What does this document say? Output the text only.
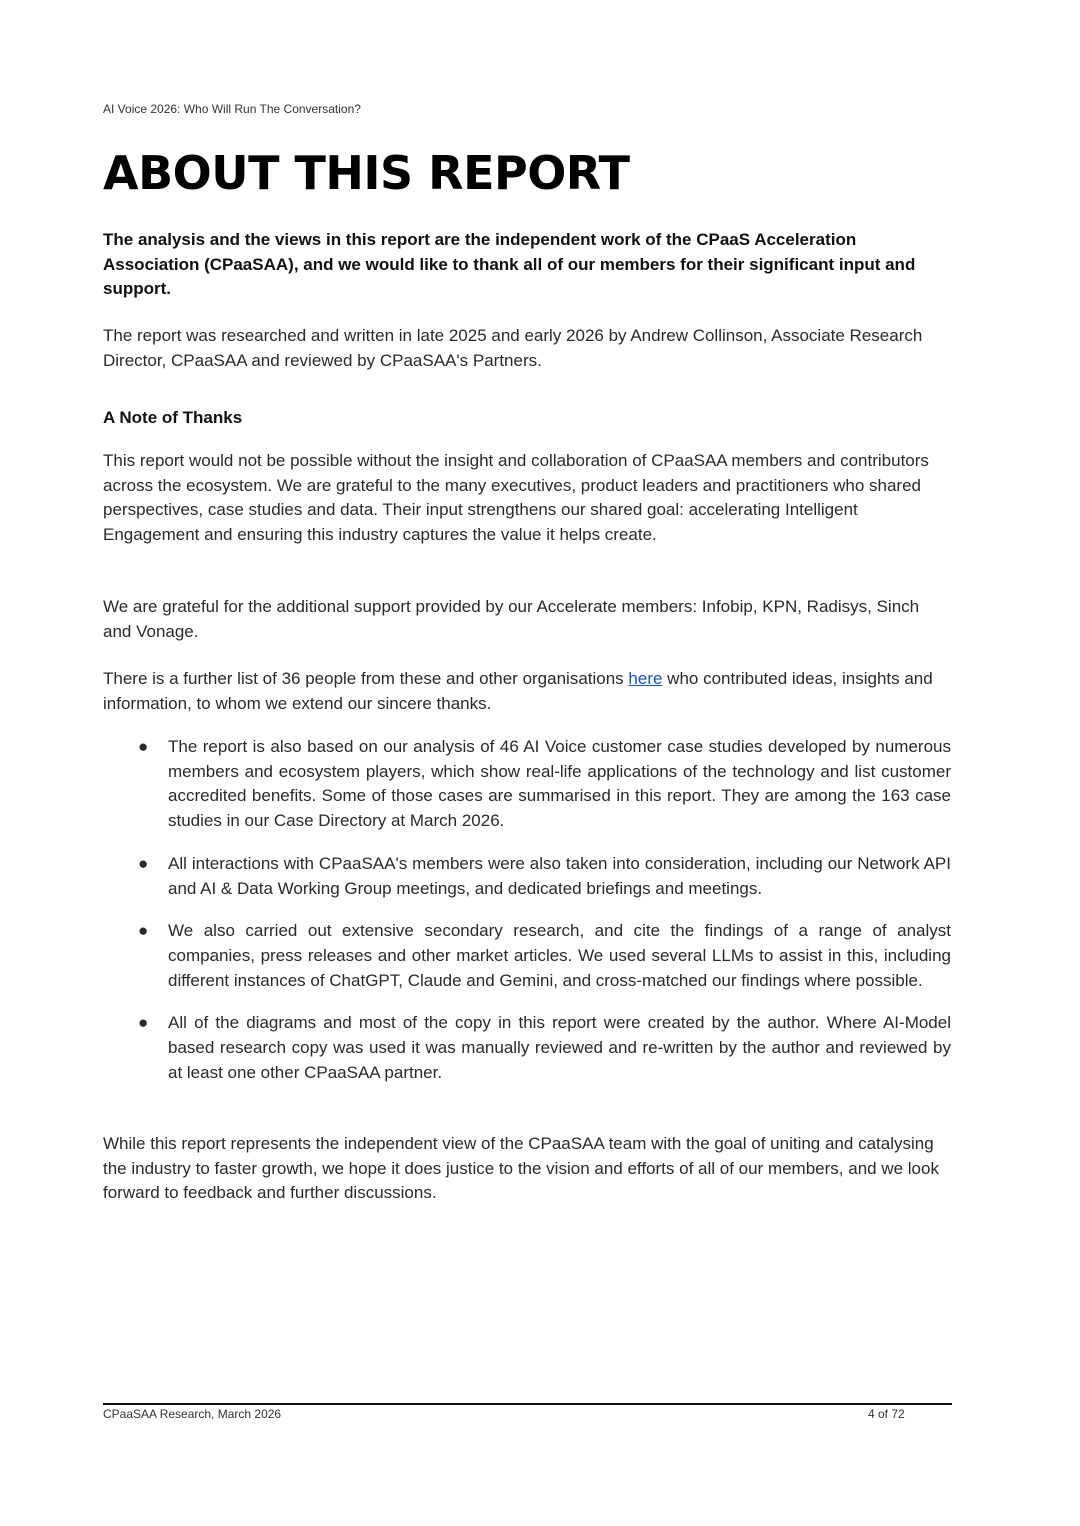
AI Voice 2026: Who Will Run The Conversation?
ABOUT THIS REPORT

The analysis and the views in this report are the independent work of the CPaaS Acceleration Association (CPaaSAA), and we would like to thank all of our members for their significant input and support.

The report was researched and written in late 2025 and early 2026 by Andrew Collinson, Associate Research Director, CPaaSAA and reviewed by CPaaSAA's Partners.

A Note of Thanks

This report would not be possible without the insight and collaboration of CPaaSAA members and contributors across the ecosystem. We are grateful to the many executives, product leaders and practitioners who shared perspectives, case studies and data. Their input strengthens our shared goal: accelerating Intelligent Engagement and ensuring this industry captures the value it helps create.

We are grateful for the additional support provided by our Accelerate members: Infobip, KPN, Radisys, Sinch and Vonage.

There is a further list of 36 people from these and other organisations here who contributed ideas, insights and information, to whom we extend our sincere thanks.

● The report is also based on our analysis of 46 AI Voice customer case studies developed by numerous members and ecosystem players, which show real-life applications of the technology and list customer accredited benefits. Some of those cases are summarised in this report. They are among the 163 case studies in our Case Directory at March 2026.
● All interactions with CPaaSAA's members were also taken into consideration, including our Network API and AI & Data Working Group meetings, and dedicated briefings and meetings.
● We also carried out extensive secondary research, and cite the findings of a range of analyst companies, press releases and other market articles. We used several LLMs to assist in this, including different instances of ChatGPT, Claude and Gemini, and cross-matched our findings where possible.
● All of the diagrams and most of the copy in this report were created by the author. Where AI-Model based research copy was used it was manually reviewed and re-written by the author and reviewed by at least one other CPaaSAA partner.

While this report represents the independent view of the CPaaSAA team with the goal of uniting and catalysing the industry to faster growth, we hope it does justice to the vision and efforts of all of our members, and we look forward to feedback and further discussions.

CPaaSAA Research, March 2026	4 of 72
